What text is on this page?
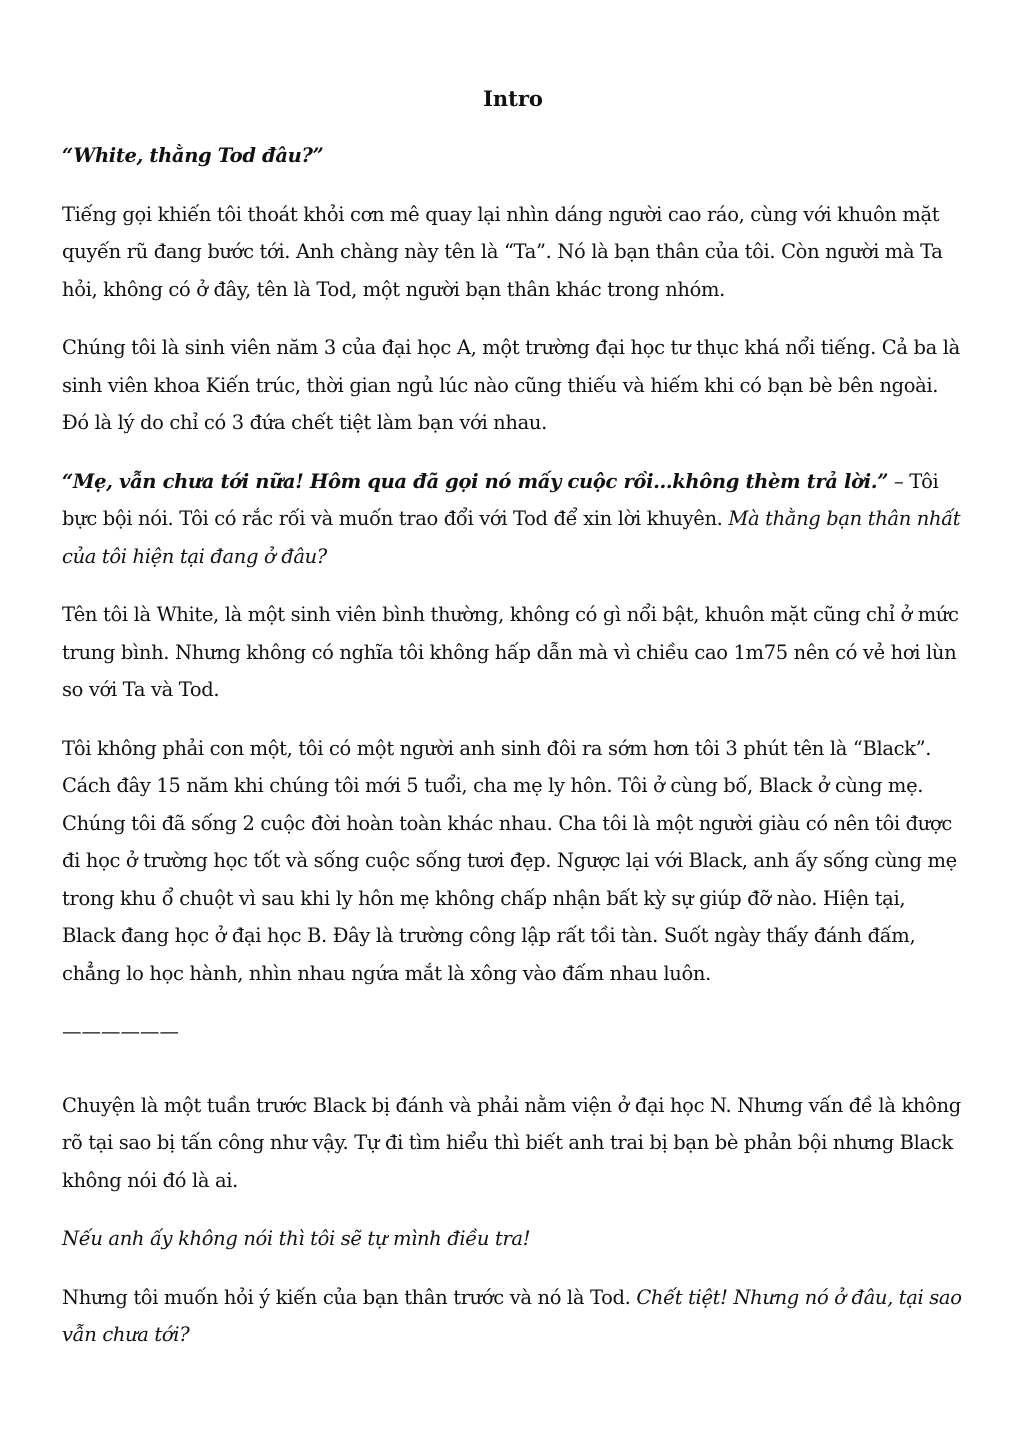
Intro

“White, thằng Tod đâu?”

Tiếng gọi khiến tôi thoát khỏi cơn mê quay lại nhìn dáng người cao ráo, cùng với khuôn mặt quyến rũ đang bước tới. Anh chàng này tên là “Ta”. Nó là bạn thân của tôi. Còn người mà Ta hỏi, không có ở đây, tên là Tod, một người bạn thân khác trong nhóm.

Chúng tôi là sinh viên năm 3 của đại học A, một trường đại học tư thục khá nổi tiếng. Cả ba là sinh viên khoa Kiến trúc, thời gian ngủ lúc nào cũng thiếu và hiếm khi có bạn bè bên ngoài. Đó là lý do chỉ có 3 đứa chết tiệt làm bạn với nhau.

“Mẹ, vẫn chưa tới nữa! Hôm qua đã gọi nó mấy cuộc rồi…không thèm trả lời.” – Tôi bực bội nói. Tôi có rắc rối và muốn trao đổi với Tod để xin lời khuyên. Mà thằng bạn thân nhất của tôi hiện tại đang ở đâu?

Tên tôi là White, là một sinh viên bình thường, không có gì nổi bật, khuôn mặt cũng chỉ ở mức trung bình. Nhưng không có nghĩa tôi không hấp dẫn mà vì chiều cao 1m75 nên có vẻ hơi lùn so với Ta và Tod.

Tôi không phải con một, tôi có một người anh sinh đôi ra sớm hơn tôi 3 phút tên là “Black”. Cách đây 15 năm khi chúng tôi mới 5 tuổi, cha mẹ ly hôn. Tôi ở cùng bố, Black ở cùng mẹ. Chúng tôi đã sống 2 cuộc đời hoàn toàn khác nhau. Cha tôi là một người giàu có nên tôi được đi học ở trường học tốt và sống cuộc sống tươi đẹp. Ngược lại với Black, anh ấy sống cùng mẹ trong khu ổ chuột vì sau khi ly hôn mẹ không chấp nhận bất kỳ sự giúp đỡ nào. Hiện tại, Black đang học ở đại học B. Đây là trường công lập rất tồi tàn. Suốt ngày thấy đánh đấm, chẳng lo học hành, nhìn nhau ngứa mắt là xông vào đấm nhau luôn.

——————

Chuyện là một tuần trước Black bị đánh và phải nằm viện ở đại học N. Nhưng vấn đề là không rõ tại sao bị tấn công như vậy. Tự đi tìm hiểu thì biết anh trai bị bạn bè phản bội nhưng Black không nói đó là ai.

Nếu anh ấy không nói thì tôi sẽ tự mình điều tra!

Nhưng tôi muốn hỏi ý kiến của bạn thân trước và nó là Tod. Chết tiệt! Nhưng nó ở đâu, tại sao vẫn chưa tới?
